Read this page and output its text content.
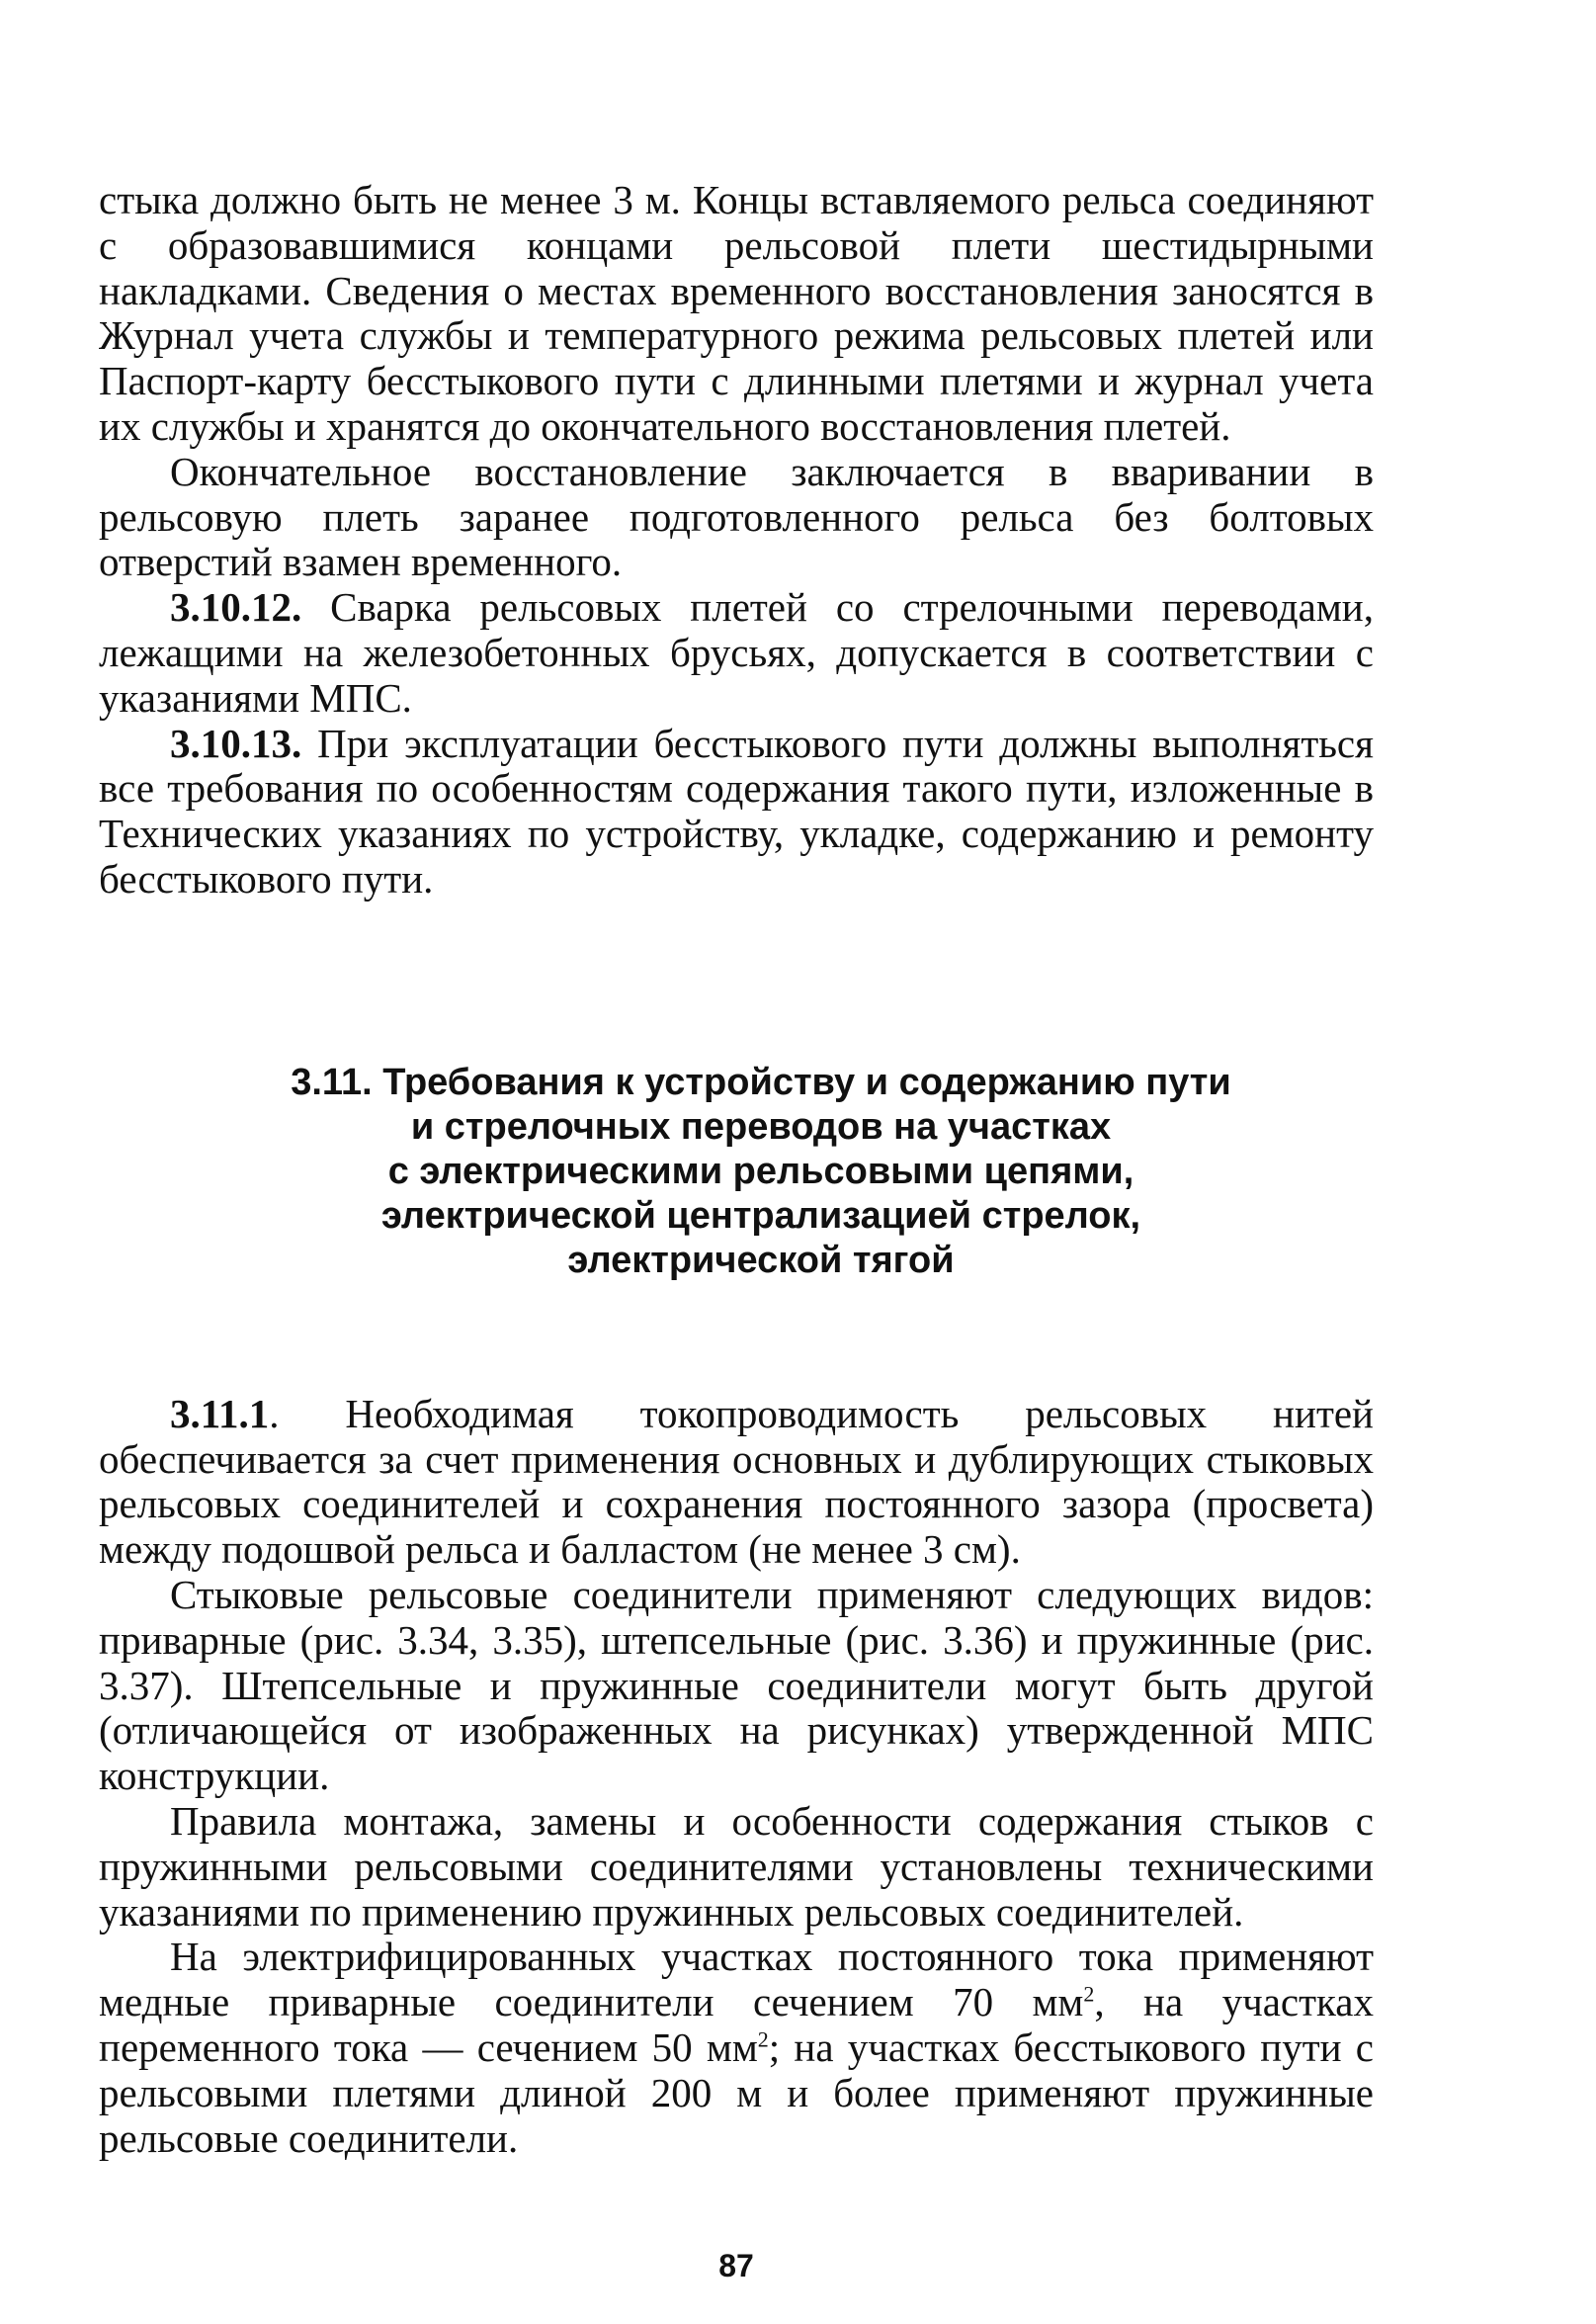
стыка должно быть не менее 3 м. Концы вставляемого рельса соединяют с образовавшимися концами рельсовой плети шестидырными накладками. Сведения о местах временного восстановления заносятся в Журнал учета службы и температурного режима рельсовых плетей или Паспорт-карту бесстыкового пути с длинными плетями и журнал учета их службы и хранятся до окончательного восстановления плетей.

Окончательное восстановление заключается в вваривании в рельсовую плеть заранее подготовленного рельса без болтовых отверстий взамен временного.

3.10.12. Сварка рельсовых плетей со стрелочными переводами, лежащими на железобетонных брусьях, допускается в соответствии с указаниями МПС.

3.10.13. При эксплуатации бесстыкового пути должны выполняться все требования по особенностям содержания такого пути, изложенные в Технических указаниях по устройству, укладке, содержанию и ремонту бесстыкового пути.

3.11. Требования к устройству и содержанию пути
и стрелочных переводов на участках
с электрическими рельсовыми цепями,
электрической централизацией стрелок,
электрической тягой

3.11.1. Необходимая токопроводимость рельсовых нитей обеспечивается за счет применения основных и дублирующих стыковых рельсовых соединителей и сохранения постоянного зазора (просвета) между подошвой рельса и балластом (не менее 3 см).

Стыковые рельсовые соединители применяют следующих видов: приварные (рис. 3.34, 3.35), штепсельные (рис. 3.36) и пружинные (рис. 3.37). Штепсельные и пружинные соединители могут быть другой (отличающейся от изображенных на рисунках) утвержденной МПС конструкции.

Правила монтажа, замены и особенности содержания стыков с пружинными рельсовыми соединителями установлены техническими указаниями по применению пружинных рельсовых соединителей.

На электрифицированных участках постоянного тока применяют медные приварные соединители сечением 70 $мм^2$, на участках переменного тока — сечением 50 $мм^2$; на участках бесстыкового пути с рельсовыми плетями длиной 200 м и более применяют пружинные рельсовые соединители.

87
